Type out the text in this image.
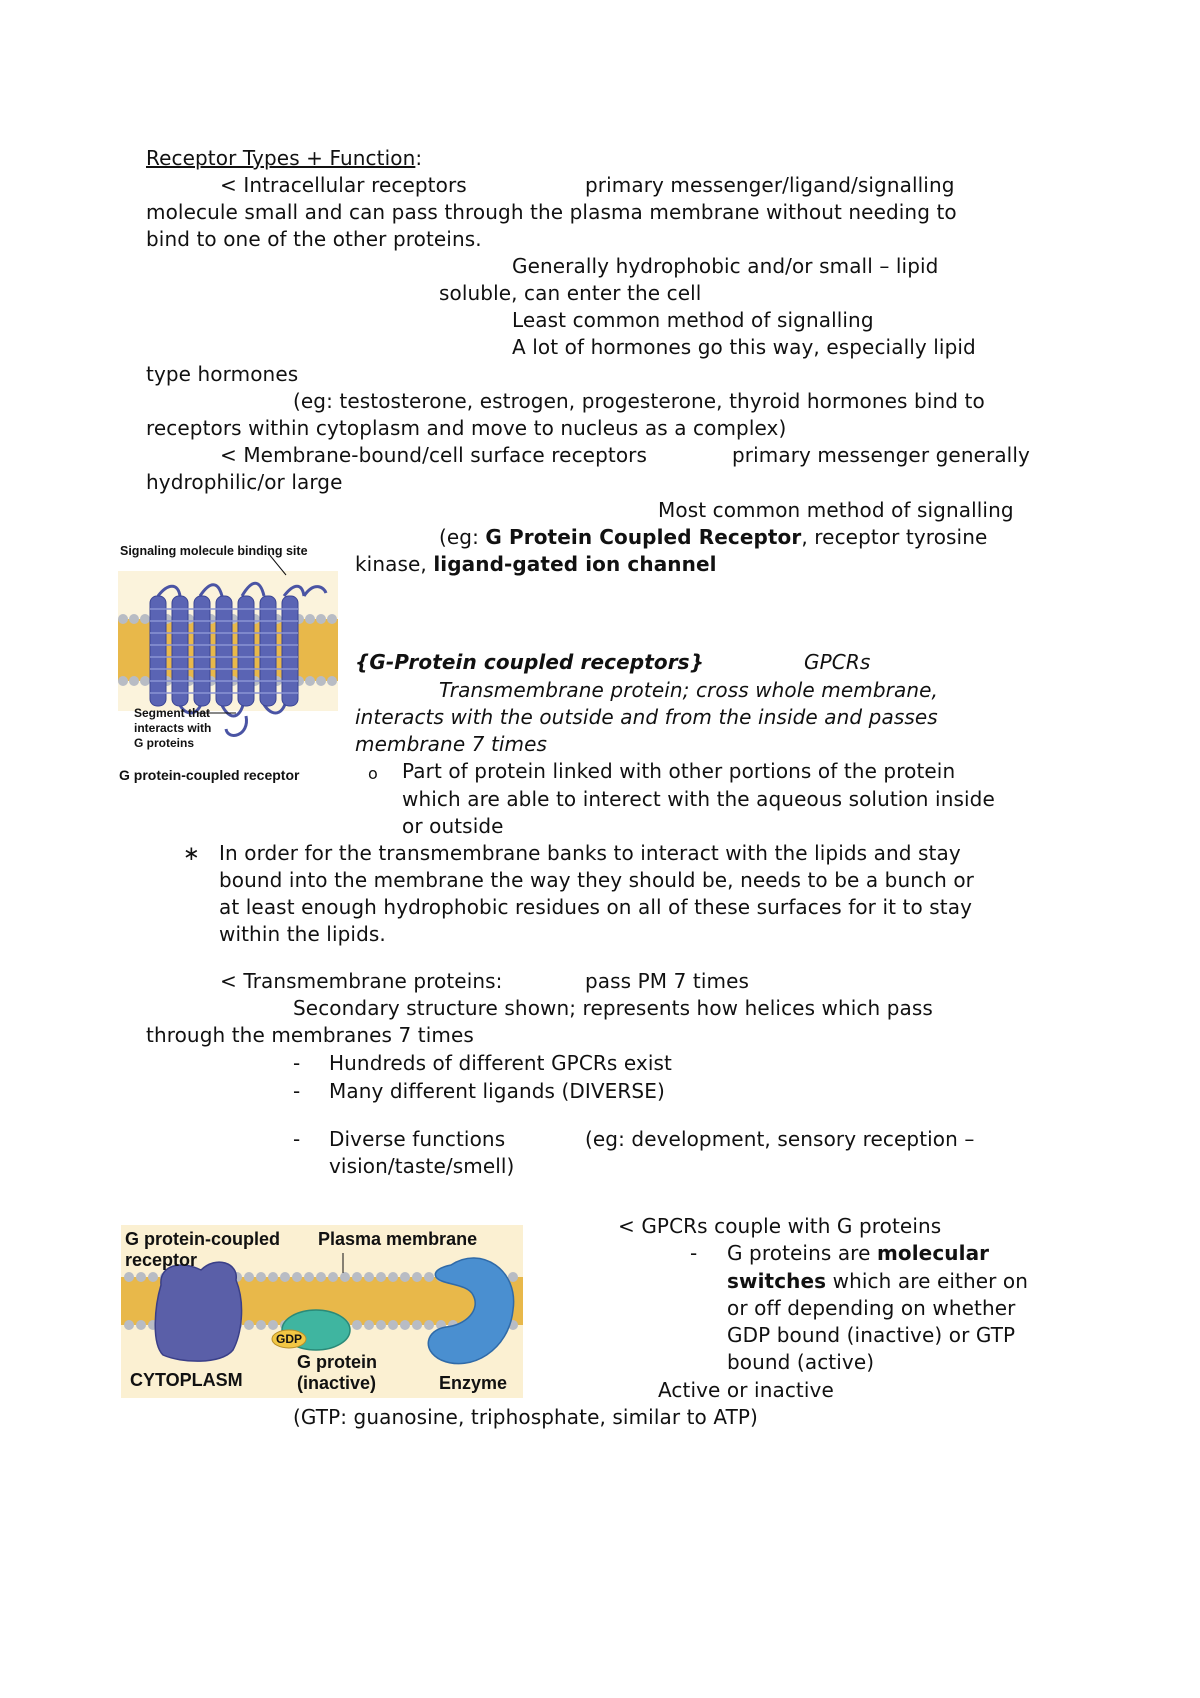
Receptor Types + Function:
< Intracellular receptors	primary messenger/ligand/signalling
molecule small and can pass through the plasma membrane without needing to
bind to one of the other proteins.
Generally hydrophobic and/or small – lipid
soluble, can enter the cell
Least common method of signalling
A lot of hormones go this way, especially lipid
type hormones
(eg: testosterone, estrogen, progesterone, thyroid hormones bind to
receptors within cytoplasm and move to nucleus as a complex)
< Membrane-bound/cell surface receptors	primary messenger generally
hydrophilic/or large
Most common method of signalling
(eg: G Protein Coupled Receptor, receptor tyrosine
kinase, ligand-gated ion channel
Signaling molecule binding site
Segment that
interacts with
G proteins
G protein-coupled receptor
{G-Protein coupled receptors}	GPCRs
Transmembrane protein; cross whole membrane,
interacts with the outside and from the inside and passes
membrane 7 times
o Part of protein linked with other portions of the protein
which are able to interect with the aqueous solution inside
or outside
∗ In order for the transmembrane banks to interact with the lipids and stay
bound into the membrane the way they should be, needs to be a bunch or
at least enough hydrophobic residues on all of these surfaces for it to stay
within the lipids.
< Transmembrane proteins:	pass PM 7 times
Secondary structure shown; represents how helices which pass
through the membranes 7 times
- Hundreds of different GPCRs exist
- Many different ligands (DIVERSE)
- Diverse functions	(eg: development, sensory reception –
vision/taste/smell)
G protein-coupled
receptor
Plasma membrane
GDP
G protein
(inactive)
CYTOPLASM	Enzyme
< GPCRs couple with G proteins
- G proteins are molecular
switches which are either on
or off depending on whether
GDP bound (inactive) or GTP
bound (active)
Active or inactive
(GTP: guanosine, triphosphate, similar to ATP)
